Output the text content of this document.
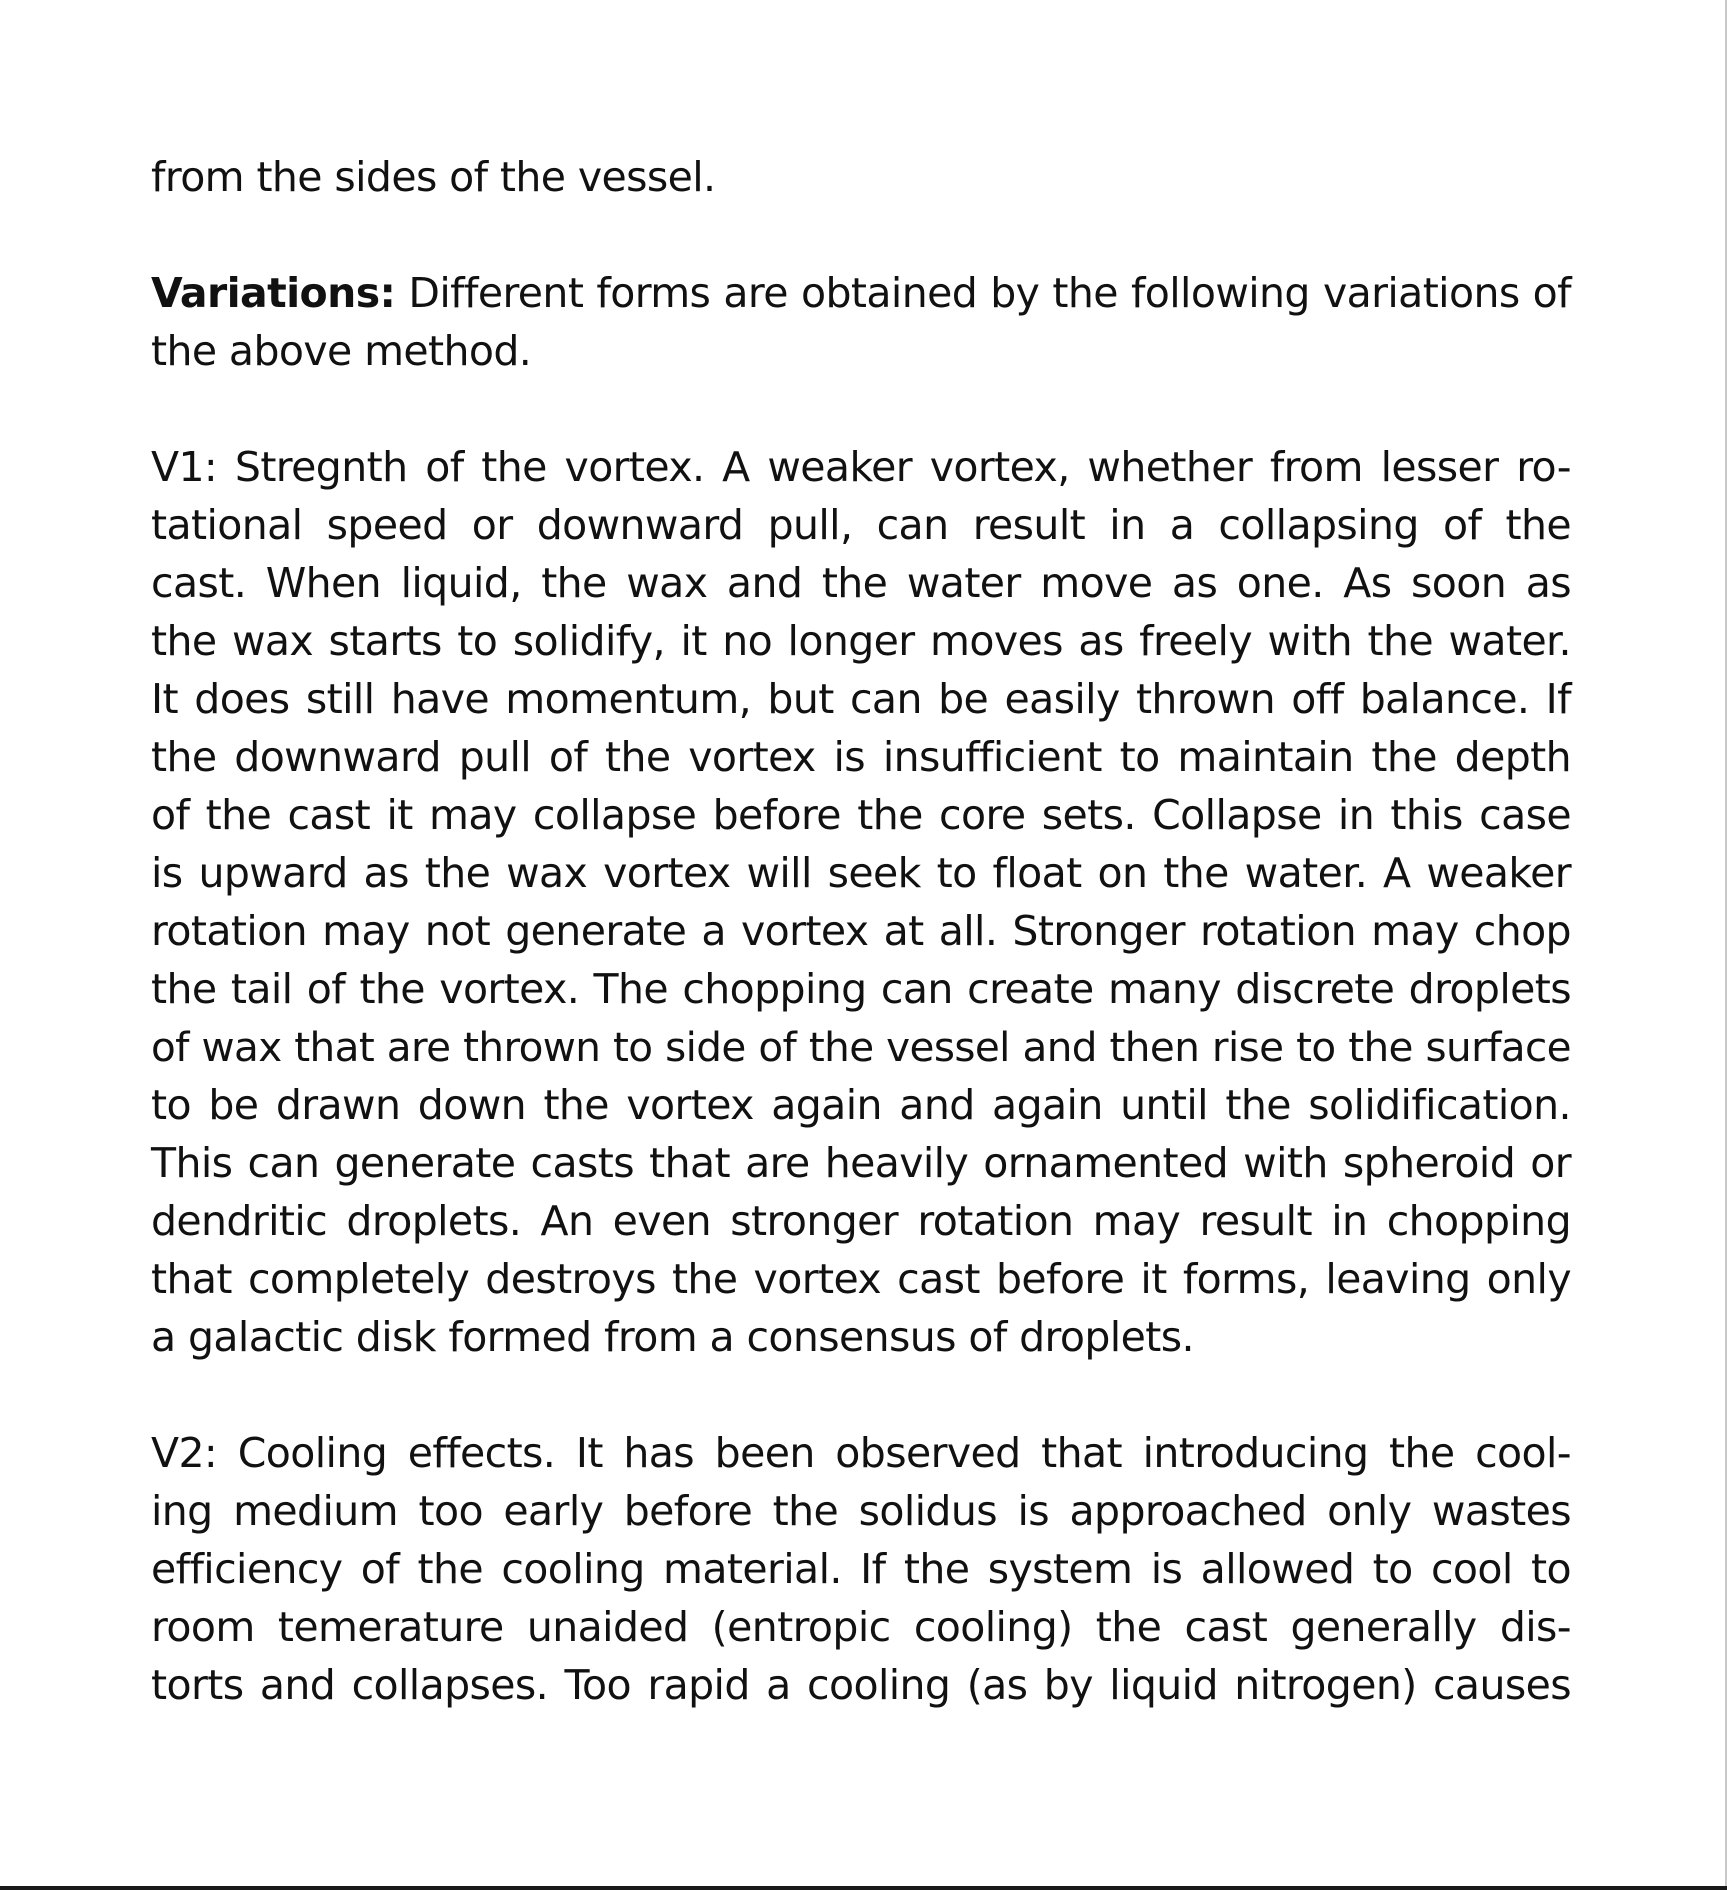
from the sides of the vessel.

Variations: Different forms are obtained by the following variations of
the above method.

V1: Stregnth of the vortex. A weaker vortex, whether from lesser ro-
tational speed or downward pull, can result in a collapsing of the
cast. When liquid, the wax and the water move as one. As soon as
the wax starts to solidify, it no longer moves as freely with the water.
It does still have momentum, but can be easily thrown off balance. If
the downward pull of the vortex is insufficient to maintain the depth
of the cast it may collapse before the core sets. Collapse in this case
is upward as the wax vortex will seek to float on the water. A weaker
rotation may not generate a vortex at all. Stronger rotation may chop
the tail of the vortex. The chopping can create many discrete droplets
of wax that are thrown to side of the vessel and then rise to the surface
to be drawn down the vortex again and again until the solidification.
This can generate casts that are heavily ornamented with spheroid or
dendritic droplets. An even stronger rotation may result in chopping
that completely destroys the vortex cast before it forms, leaving only
a galactic disk formed from a consensus of droplets.

V2: Cooling effects. It has been observed that introducing the cool-
ing medium too early before the solidus is approached only wastes
efficiency of the cooling material. If the system is allowed to cool to
room temerature unaided (entropic cooling) the cast generally dis-
torts and collapses. Too rapid a cooling (as by liquid nitrogen) causes
